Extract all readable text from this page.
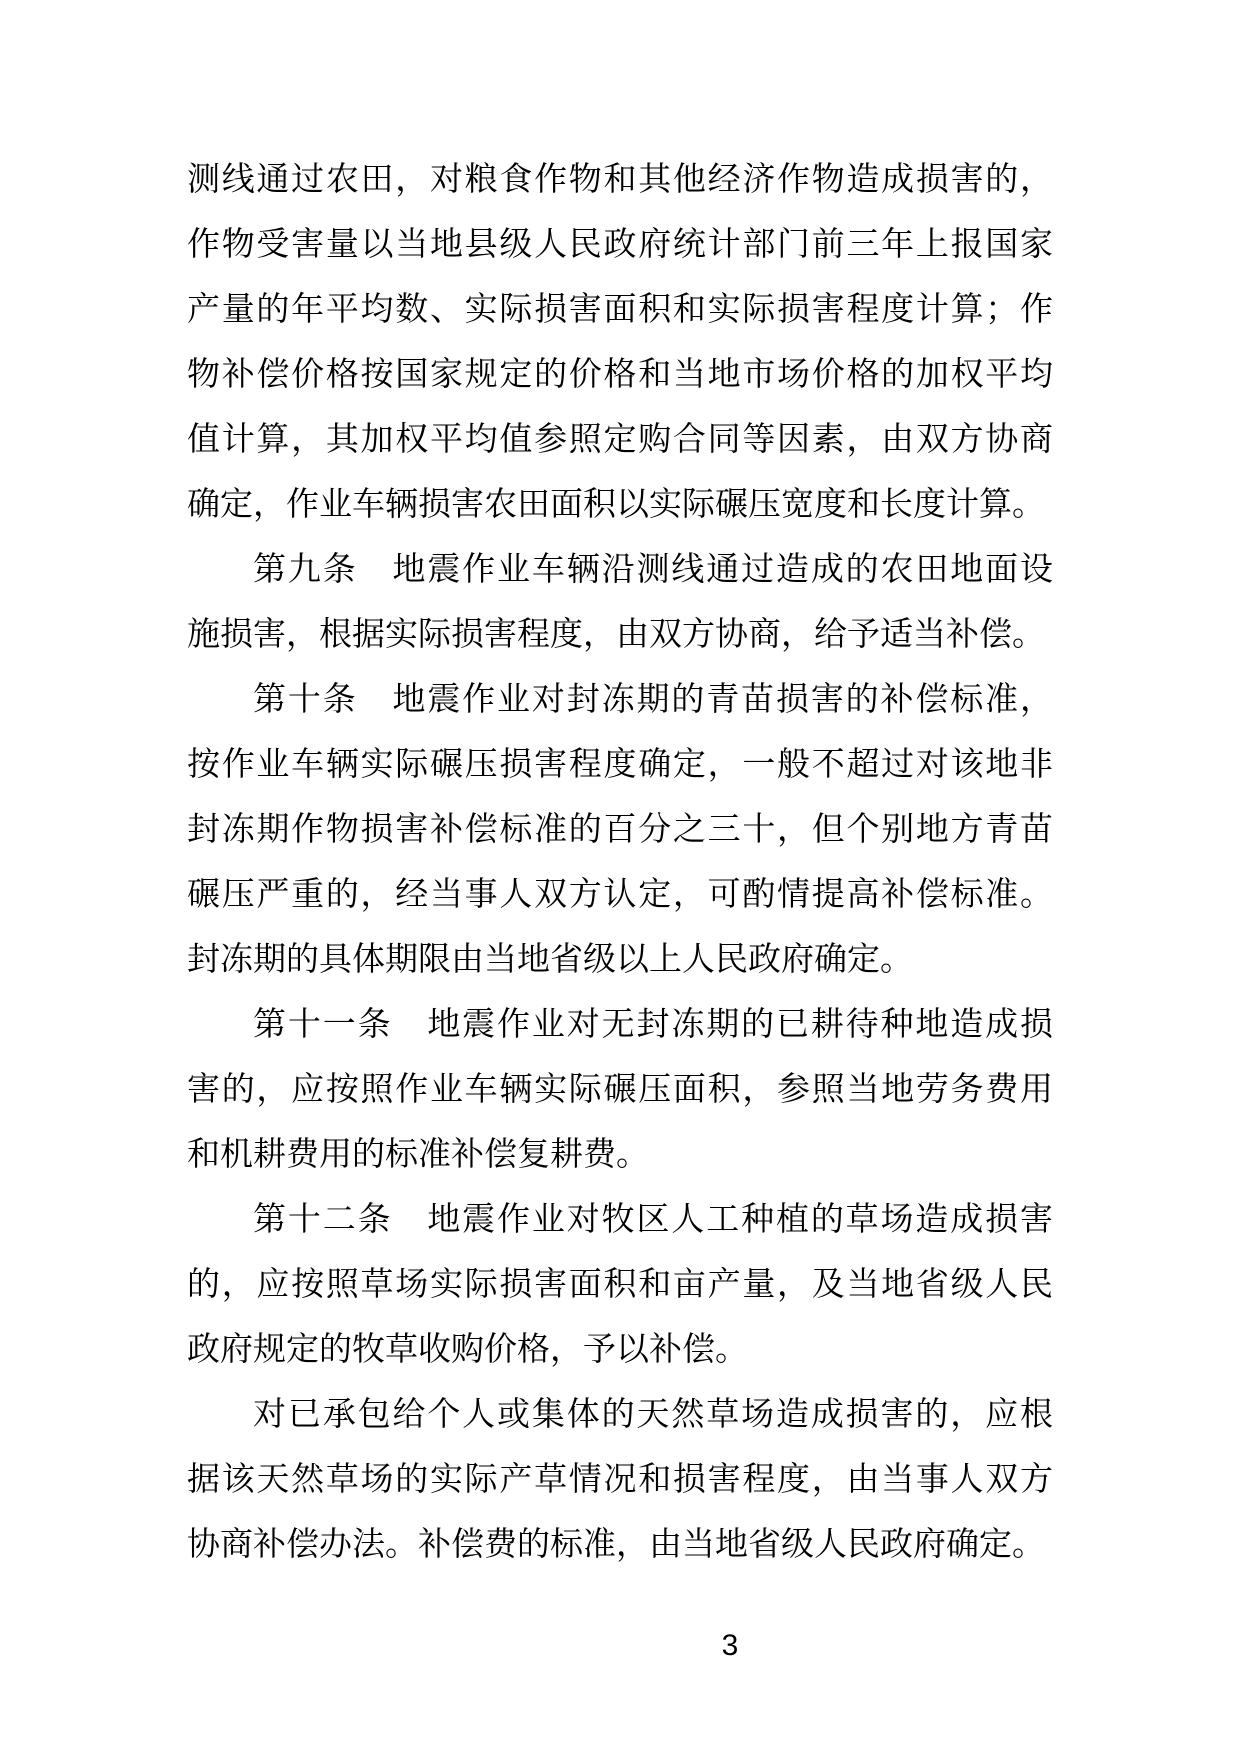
测线通过农田，对粮食作物和其他经济作物造成损害的，
作物受害量以当地县级人民政府统计部门前三年上报国家
产量的年平均数、实际损害面积和实际损害程度计算；作
物补偿价格按国家规定的价格和当地市场价格的加权平均
值计算，其加权平均值参照定购合同等因素，由双方协商
确定，作业车辆损害农田面积以实际碾压宽度和长度计算。
第九条　地震作业车辆沿测线通过造成的农田地面设
施损害，根据实际损害程度，由双方协商，给予适当补偿。
第十条　地震作业对封冻期的青苗损害的补偿标准，
按作业车辆实际碾压损害程度确定，一般不超过对该地非
封冻期作物损害补偿标准的百分之三十，但个别地方青苗
碾压严重的，经当事人双方认定，可酌情提高补偿标准。
封冻期的具体期限由当地省级以上人民政府确定。
第十一条　地震作业对无封冻期的已耕待种地造成损
害的，应按照作业车辆实际碾压面积，参照当地劳务费用
和机耕费用的标准补偿复耕费。
第十二条　地震作业对牧区人工种植的草场造成损害
的，应按照草场实际损害面积和亩产量，及当地省级人民
政府规定的牧草收购价格，予以补偿。
对已承包给个人或集体的天然草场造成损害的，应根
据该天然草场的实际产草情况和损害程度，由当事人双方
协商补偿办法。补偿费的标准，由当地省级人民政府确定。
3
